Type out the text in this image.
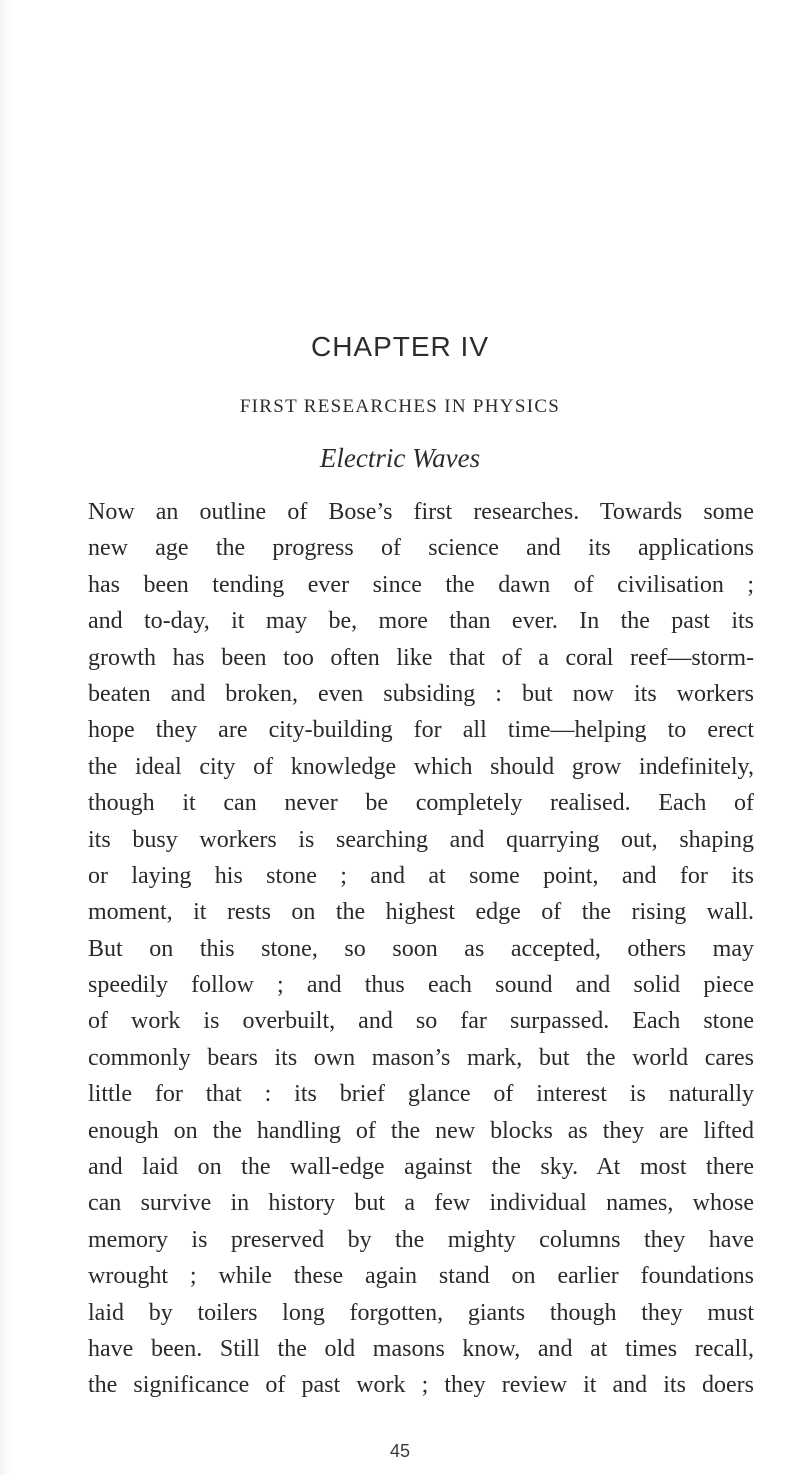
CHAPTER IV
FIRST RESEARCHES IN PHYSICS
Electric Waves
Now an outline of Bose’s first researches. Towards some
new age the progress of science and its applications
has been tending ever since the dawn of civilisation ;
and to-day, it may be, more than ever. In the past its
growth has been too often like that of a coral reef—storm-
beaten and broken, even subsiding : but now its workers
hope they are city-building for all time—helping to erect
the ideal city of knowledge which should grow indefinitely,
though it can never be completely realised. Each of
its busy workers is searching and quarrying out, shaping
or laying his stone ; and at some point, and for its
moment, it rests on the highest edge of the rising wall.
But on this stone, so soon as accepted, others may
speedily follow ; and thus each sound and solid piece
of work is overbuilt, and so far surpassed. Each stone
commonly bears its own mason’s mark, but the world cares
little for that : its brief glance of interest is naturally
enough on the handling of the new blocks as they are lifted
and laid on the wall-edge against the sky. At most there
can survive in history but a few individual names, whose
memory is preserved by the mighty columns they have
wrought ; while these again stand on earlier foundations
laid by toilers long forgotten, giants though they must
have been. Still the old masons know, and at times recall,
the significance of past work ; they review it and its doers
45
